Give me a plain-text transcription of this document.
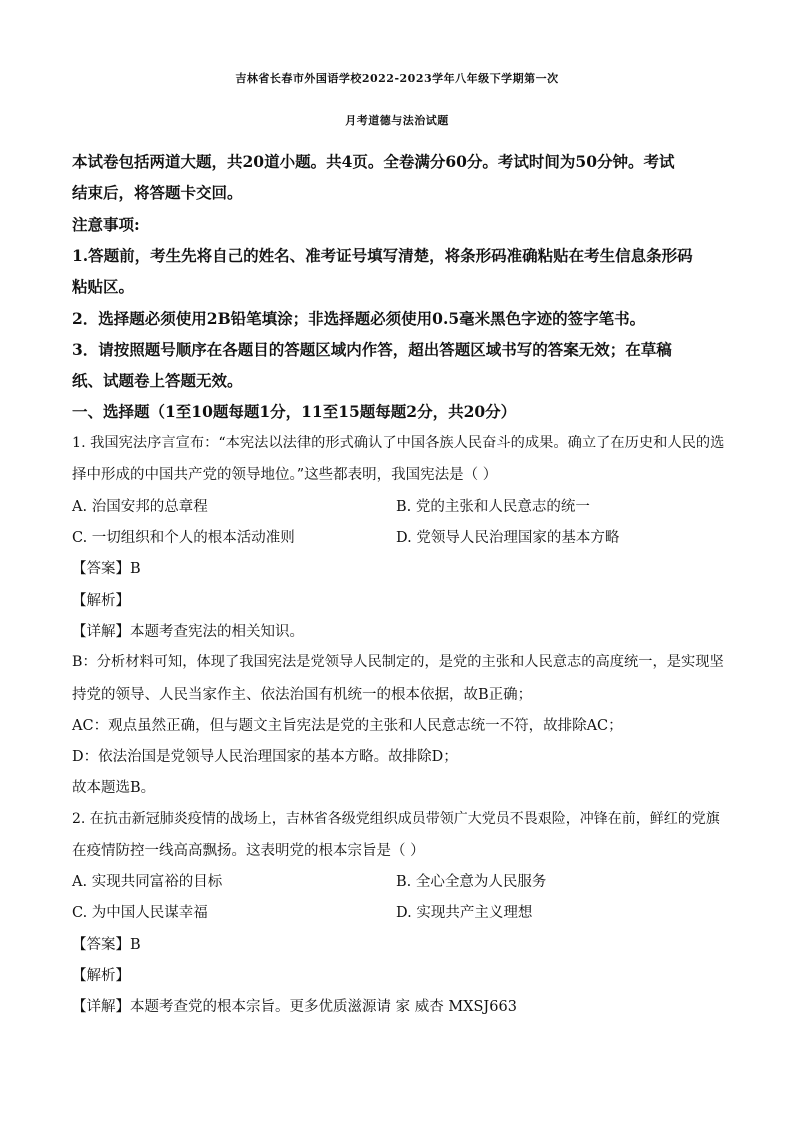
吉林省长春市外国语学校2022-2023学年八年级下学期第一次
月考道德与法治试题
本试卷包括两道大题，共20道小题。共4页。全卷满分60分。考试时间为50分钟。考试
结束后，将答题卡交回。
注意事项:
1.答题前，考生先将自己的姓名、准考证号填写清楚，将条形码准确粘贴在考生信息条形码
粘贴区。
2．选择题必须使用2B铅笔填涂；非选择题必须使用0.5毫米黑色字迹的签字笔书。
3．请按照题号顺序在各题目的答题区域内作答，超出答题区域书写的答案无效；在草稿
纸、试题卷上答题无效。
一、选择题（1至10题每题1分，11至15题每题2分，共20分）
1. 我国宪法序言宣布：“本宪法以法律的形式确认了中国各族人民奋斗的成果。确立了在历史和人民的选
择中形成的中国共产党的领导地位。”这些都表明，我国宪法是（ ）
A. 治国安邦的总章程	B. 党的主张和人民意志的统一
C. 一切组织和个人的根本活动准则	D. 党领导人民治理国家的基本方略
【答案】B
【解析】
【详解】本题考查宪法的相关知识。
B：分析材料可知，体现了我国宪法是党领导人民制定的，是党的主张和人民意志的高度统一，是实现坚
持党的领导、人民当家作主、依法治国有机统一的根本依据，故B正确；
AC：观点虽然正确，但与题文主旨宪法是党的主张和人民意志统一不符，故排除AC；
D：依法治国是党领导人民治理国家的基本方略。故排除D；
故本题选B。
2. 在抗击新冠肺炎疫情的战场上，吉林省各级党组织成员带领广大党员不畏艰险，冲锋在前，鲜红的党旗
在疫情防控一线高高飘扬。这表明党的根本宗旨是（ ）
A. 实现共同富裕的目标	B. 全心全意为人民服务
C. 为中国人民谋幸福	D. 实现共产主义理想
【答案】B
【解析】
【详解】本题考查党的根本宗旨。更多优质滋源请 家 威杏 MXSJ663
